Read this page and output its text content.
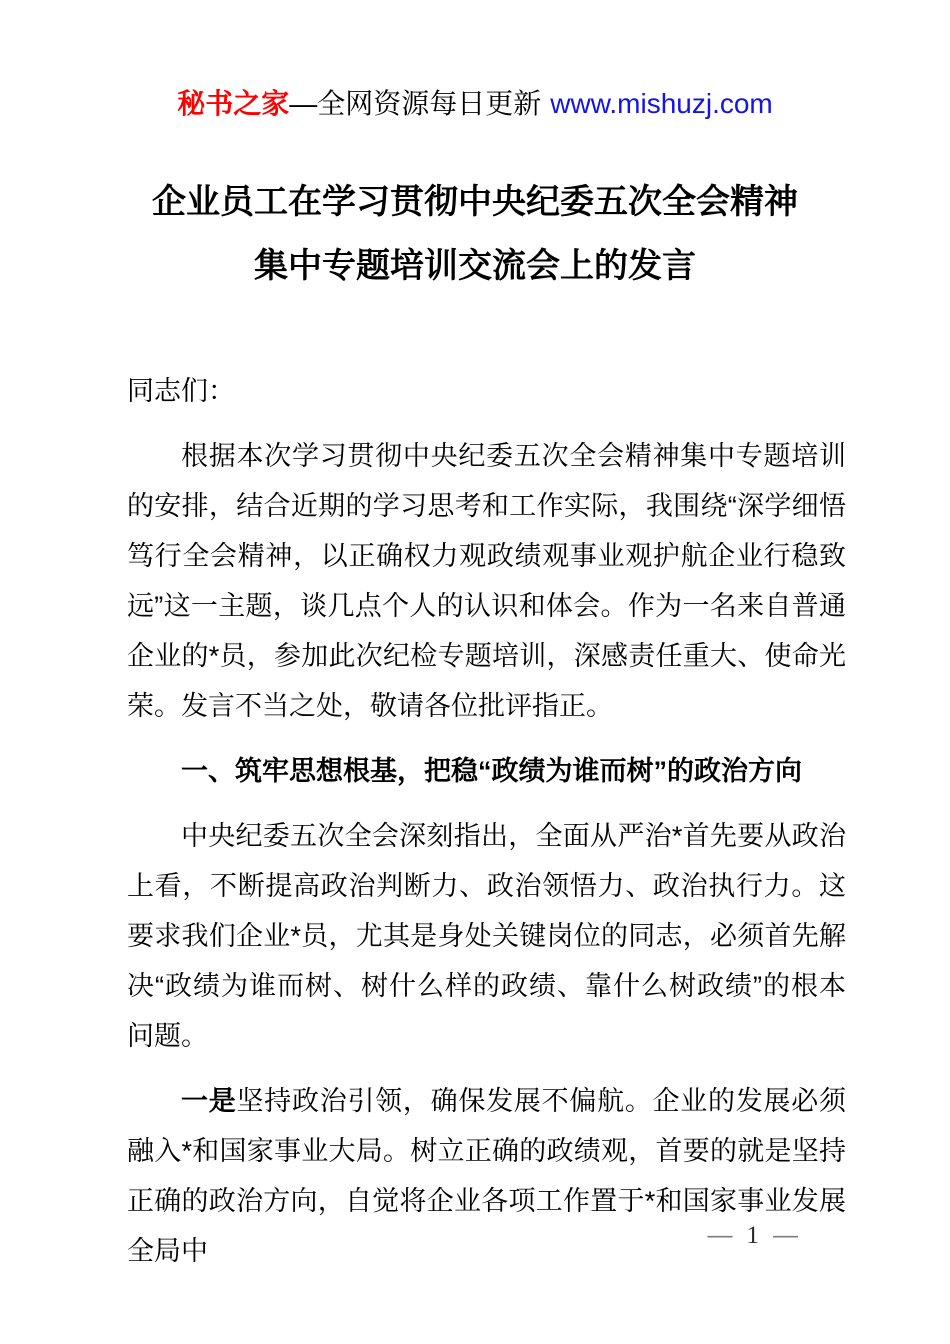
秘书之家—全网资源每日更新 www.mishuzj.com
企业员工在学习贯彻中央纪委五次全会精神
集中专题培训交流会上的发言

同志们：

根据本次学习贯彻中央纪委五次全会精神集中专题培训的安排，结合近期的学习思考和工作实际，我围绕“深学细悟笃行全会精神，以正确权力观政绩观事业观护航企业行稳致远”这一主题，谈几点个人的认识和体会。作为一名来自普通企业的*员，参加此次纪检专题培训，深感责任重大、使命光荣。发言不当之处，敬请各位批评指正。

一、筑牢思想根基，把稳“政绩为谁而树”的政治方向

中央纪委五次全会深刻指出，全面从严治*首先要从政治上看，不断提高政治判断力、政治领悟力、政治执行力。这要求我们企业*员，尤其是身处关键岗位的同志，必须首先解决“政绩为谁而树、树什么样的政绩、靠什么树政绩”的根本问题。

一是坚持政治引领，确保发展不偏航。企业的发展必须融入*和国家事业大局。树立正确的政绩观，首要的就是坚持正确的政治方向，自觉将企业各项工作置于*和国家事业发展全局中

— 1 —
